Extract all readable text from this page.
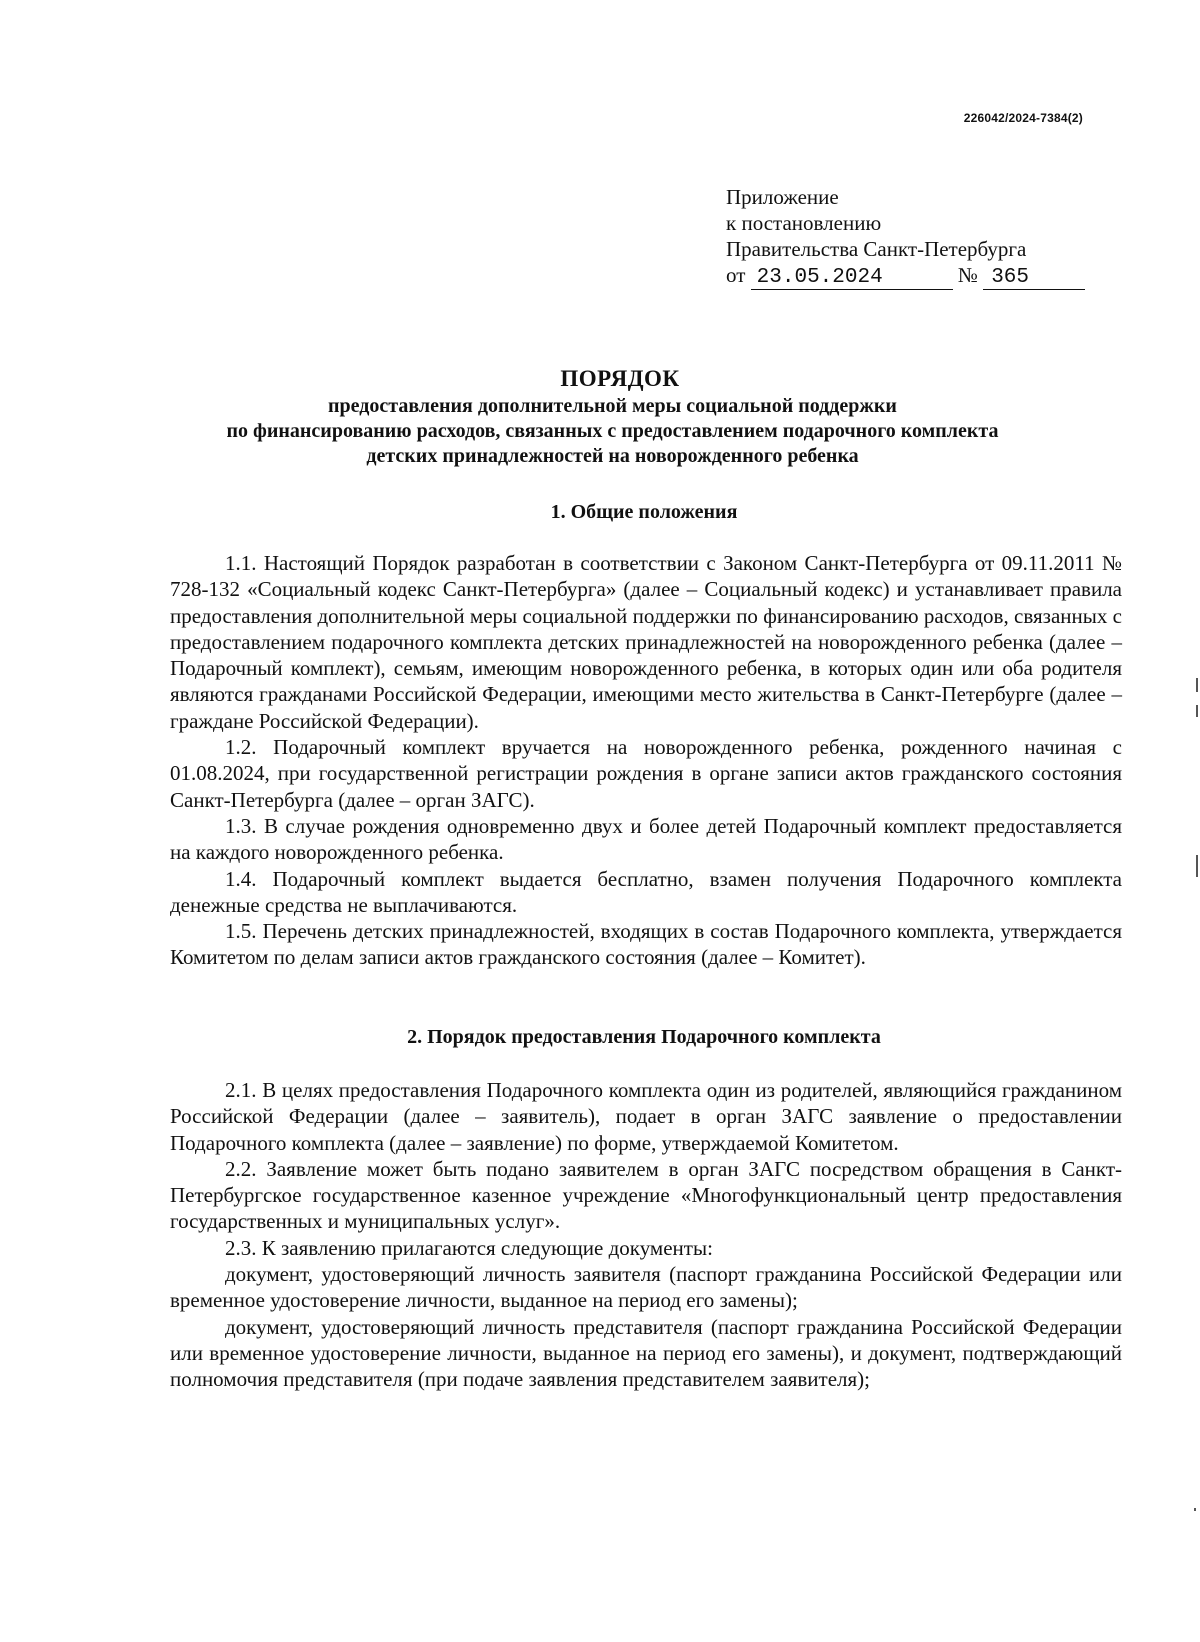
226042/2024-7384(2)
Приложение
к постановлению
Правительства Санкт-Петербурга
от 23.05.2024	№ 365
ПОРЯДОК
предоставления дополнительной меры социальной поддержки
по финансированию расходов, связанных с предоставлением подарочного комплекта
детских принадлежностей на новорожденного ребенка
1. Общие положения

1.1. Настоящий Порядок разработан в соответствии с Законом Санкт-Петербурга от 09.11.2011 № 728-132 «Социальный кодекс Санкт-Петербурга» (далее – Социальный кодекс) и устанавливает правила предоставления дополнительной меры социальной поддержки по финансированию расходов, связанных с предоставлением подарочного комплекта детских принадлежностей на новорожденного ребенка (далее – Подарочный комплект), семьям, имеющим новорожденного ребенка, в которых один или оба родителя являются гражданами Российской Федерации, имеющими место жительства в Санкт-Петербурге (далее – граждане Российской Федерации).

1.2. Подарочный комплект вручается на новорожденного ребенка, рожденного начиная с 01.08.2024, при государственной регистрации рождения в органе записи актов гражданского состояния Санкт-Петербурга (далее – орган ЗАГС).

1.3. В случае рождения одновременно двух и более детей Подарочный комплект предоставляется на каждого новорожденного ребенка.

1.4. Подарочный комплект выдается бесплатно, взамен получения Подарочного комплекта денежные средства не выплачиваются.

1.5. Перечень детских принадлежностей, входящих в состав Подарочного комплекта, утверждается Комитетом по делам записи актов гражданского состояния (далее – Комитет).

2. Порядок предоставления Подарочного комплекта

2.1. В целях предоставления Подарочного комплекта один из родителей, являющийся гражданином Российской Федерации (далее – заявитель), подает в орган ЗАГС заявление о предоставлении Подарочного комплекта (далее – заявление) по форме, утверждаемой Комитетом.

2.2. Заявление может быть подано заявителем в орган ЗАГС посредством обращения в Санкт-Петербургское государственное казенное учреждение «Многофункциональный центр предоставления государственных и муниципальных услуг».

2.3. К заявлению прилагаются следующие документы:

документ, удостоверяющий личность заявителя (паспорт гражданина Российской Федерации или временное удостоверение личности, выданное на период его замены);

документ, удостоверяющий личность представителя (паспорт гражданина Российской Федерации или временное удостоверение личности, выданное на период его замены), и документ, подтверждающий полномочия представителя (при подаче заявления представителем заявителя);
